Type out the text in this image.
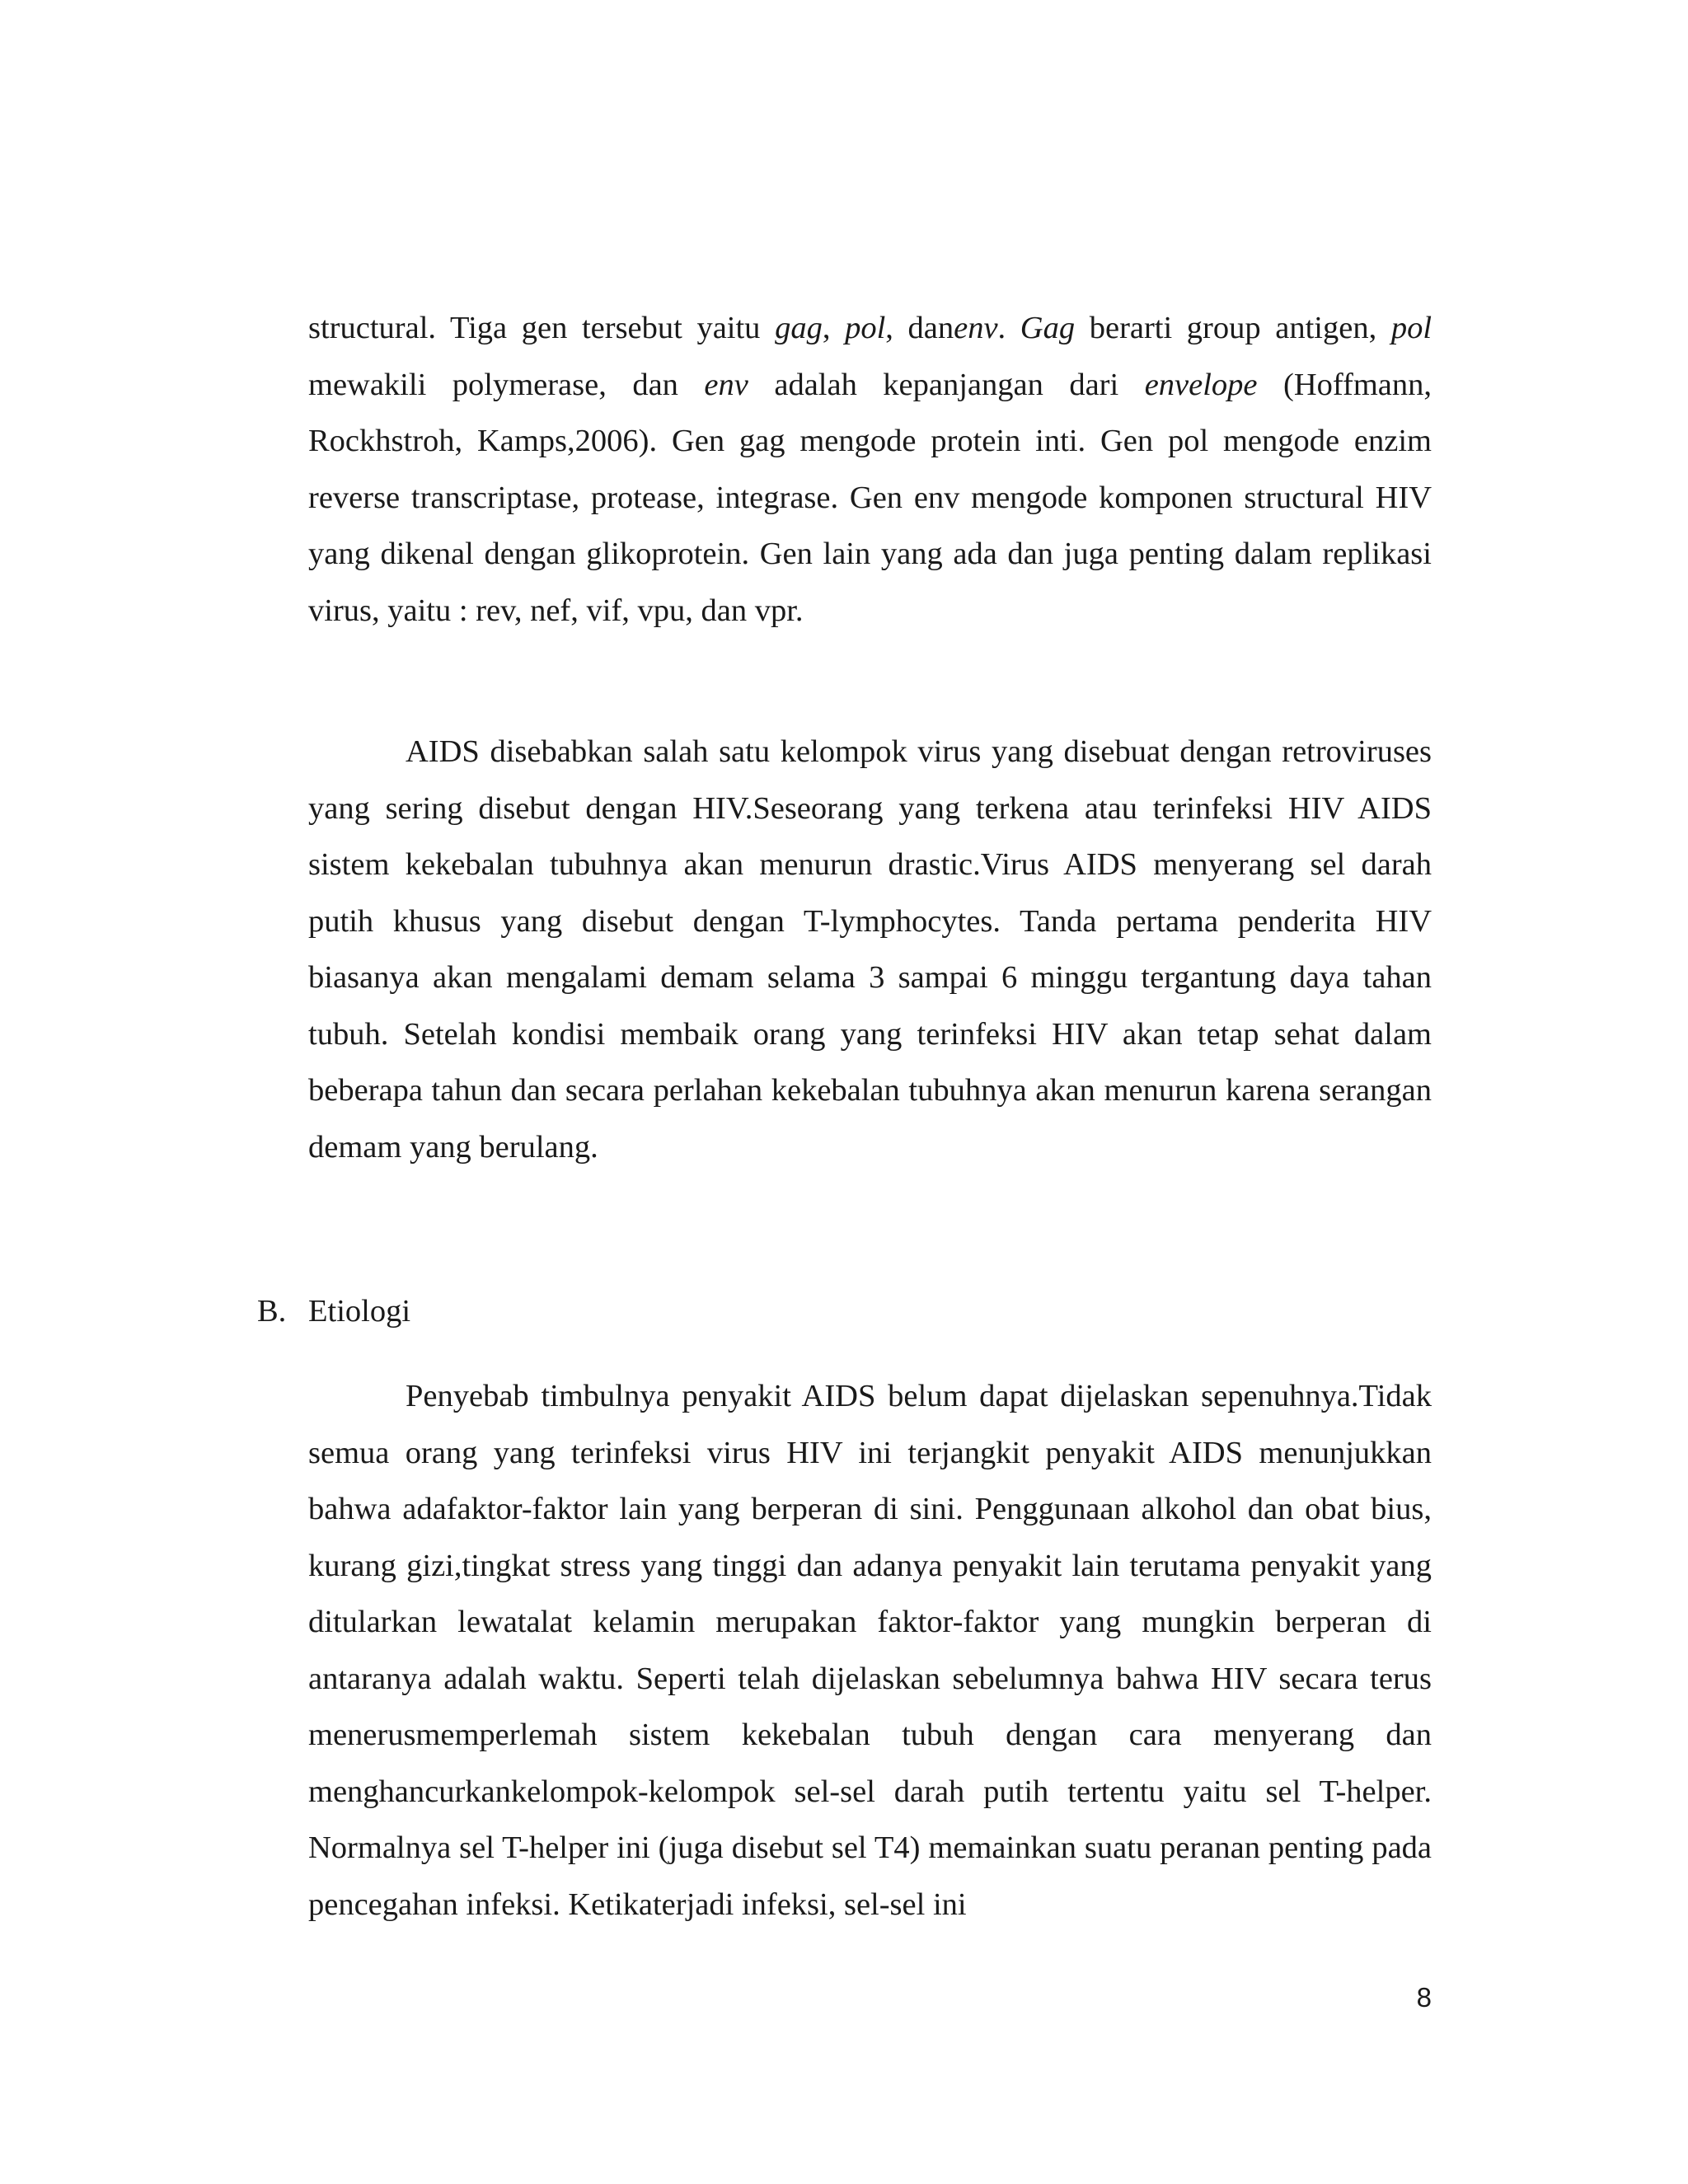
structural. Tiga gen tersebut yaitu gag, pol, danenv. Gag berarti group antigen, pol mewakili polymerase, dan env adalah kepanjangan dari envelope (Hoffmann, Rockhstroh, Kamps,2006). Gen gag mengode protein inti. Gen pol mengode enzim reverse transcriptase, protease, integrase. Gen env mengode komponen structural HIV yang dikenal dengan glikoprotein. Gen lain yang ada dan juga penting dalam replikasi virus, yaitu : rev, nef, vif, vpu, dan vpr.

AIDS disebabkan salah satu kelompok virus yang disebuat dengan retroviruses yang sering disebut dengan HIV.Seseorang yang terkena atau terinfeksi HIV AIDS sistem kekebalan tubuhnya akan menurun drastic.Virus AIDS menyerang sel darah putih khusus yang disebut dengan T-lymphocytes. Tanda pertama penderita HIV biasanya akan mengalami demam selama 3 sampai 6 minggu tergantung daya tahan tubuh. Setelah kondisi membaik orang yang terinfeksi HIV akan tetap sehat dalam beberapa tahun dan secara perlahan kekebalan tubuhnya akan menurun karena serangan demam yang berulang.

B. Etiologi

Penyebab timbulnya penyakit AIDS belum dapat dijelaskan sepenuhnya.Tidak semua orang yang terinfeksi virus HIV ini terjangkit penyakit AIDS menunjukkan bahwa adafaktor-faktor lain yang berperan di sini. Penggunaan alkohol dan obat bius, kurang gizi,tingkat stress yang tinggi dan adanya penyakit lain terutama penyakit yang ditularkan lewatalat kelamin merupakan faktor-faktor yang mungkin berperan di antaranya adalah waktu. Seperti telah dijelaskan sebelumnya bahwa HIV secara terus menerusmemperlemah sistem kekebalan tubuh dengan cara menyerang dan menghancurkankelompok-kelompok sel-sel darah putih tertentu yaitu sel T-helper. Normalnya sel T-helper ini (juga disebut sel T4) memainkan suatu peranan penting pada pencegahan infeksi. Ketikaterjadi infeksi, sel-sel ini

8
